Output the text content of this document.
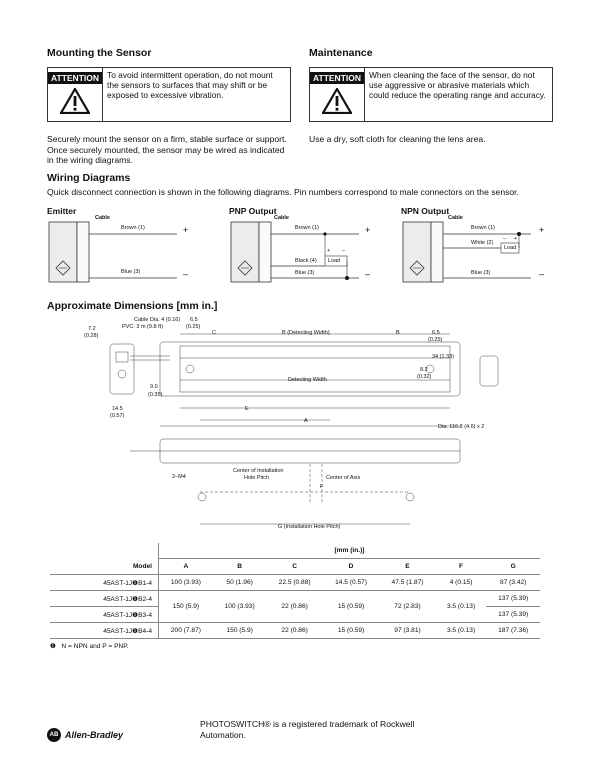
Mounting the Sensor
ATTENTION To avoid intermittent operation, do not mount the sensors to surfaces that may shift or be exposed to excessive vibration.
Securely mount the sensor on a firm, stable surface or support. Once securely mounted, the sensor may be wired as indicated in the wiring diagrams.
Maintenance
ATTENTION When cleaning the face of the sensor, do not use aggressive or abrasive materials which could reduce the operating range and accuracy.
Use a dry, soft cloth for cleaning the lens area.
Wiring Diagrams
Quick disconnect connection is shown in the following diagrams. Pin numbers correspond to male connectors on the sensor.
Emitter
Cable
Brown (1)
Blue (3)
+
–
PNP Output
Cable
Brown (1)
Black (4)
Blue (3)
Load
+ –
+
–
NPN Output
Cable
Brown (1)
White (2)
Blue (3)
Load
– +
+
–
Approximate Dimensions [mm in.]
7.2
(0.28)
Cable Dia. 4 (0.16)
PVC: 3 m (9.8 ft)
6.5
(0.25)
C	B (Detecting Width)	B	6.5
(0.25)
34 (1.33)
8.2
(0.32)
9.0
(0.35)
Detecting Width
14.5
(0.57)
E
A
Dia. 116.8 (4.6) x 2
2–M4
Center of Installation
Hole Pitch	Center of Axis
F
G (Installation Hole Pitch)
	[mm (in.)]						
Model	A	B	C	D	E	F	G
45AST-1J❶B1-4	100 (3.93)	50 (1.96)	22.5 (0.88)	14.5 (0.57)	47.5 (1.87)	4 (0.15)	87 (3.42)
45AST-1J❶B2-4	150 (5.9)	100 (3.93)	22 (0.86)	15 (0.59)	72 (2.83)	3.5 (0.13)	137 (5.39)
45AST-1J❶B3-4							137 (5.39)
45AST-1J❶B4-4	200 (7.87)	150 (5.9)	22 (0.86)	15 (0.59)	97 (3.81)	3.5 (0.13)	187 (7.36)
❶ N = NPN and P = PNP.
AB Allen-Bradley
PHOTOSWITCH® is a registered trademark of Rockwell Automation.
